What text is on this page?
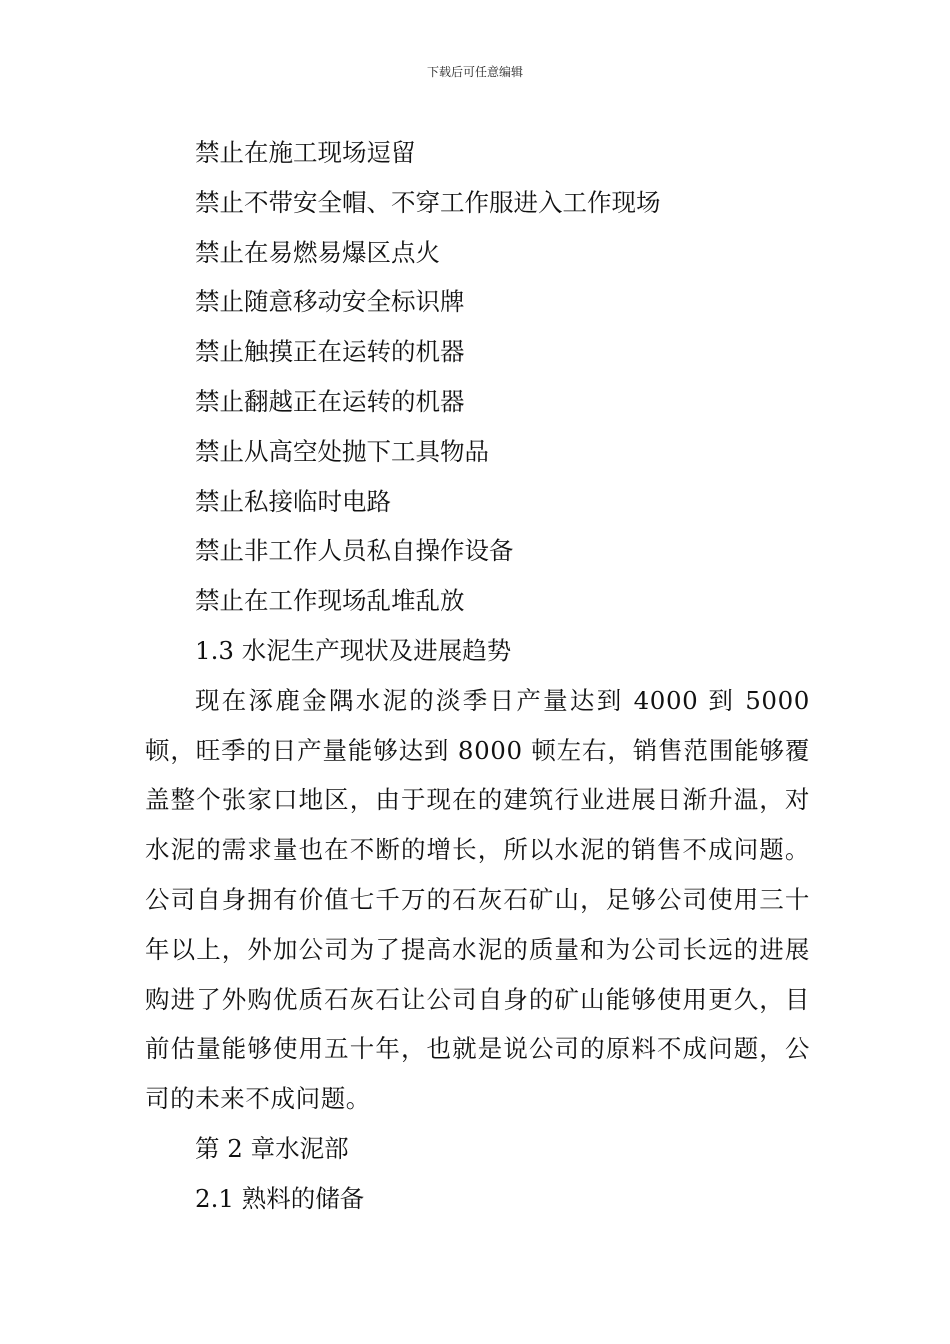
下载后可任意编辑
禁止在施工现场逗留
禁止不带安全帽、不穿工作服进入工作现场
禁止在易燃易爆区点火
禁止随意移动安全标识牌
禁止触摸正在运转的机器
禁止翻越正在运转的机器
禁止从高空处抛下工具物品
禁止私接临时电路
禁止非工作人员私自操作设备
禁止在工作现场乱堆乱放
1.3 水泥生产现状及进展趋势
现在涿鹿金隅水泥的淡季日产量达到 4000 到 5000 顿，旺季的日产量能够达到 8000 顿左右，销售范围能够覆盖整个张家口地区，由于现在的建筑行业进展日渐升温，对水泥的需求量也在不断的增长，所以水泥的销售不成问题。公司自身拥有价值七千万的石灰石矿山，足够公司使用三十年以上，外加公司为了提高水泥的质量和为公司长远的进展购进了外购优质石灰石让公司自身的矿山能够使用更久，目前估量能够使用五十年，也就是说公司的原料不成问题，公司的未来不成问题。
第 2 章水泥部
2.1 熟料的储备
